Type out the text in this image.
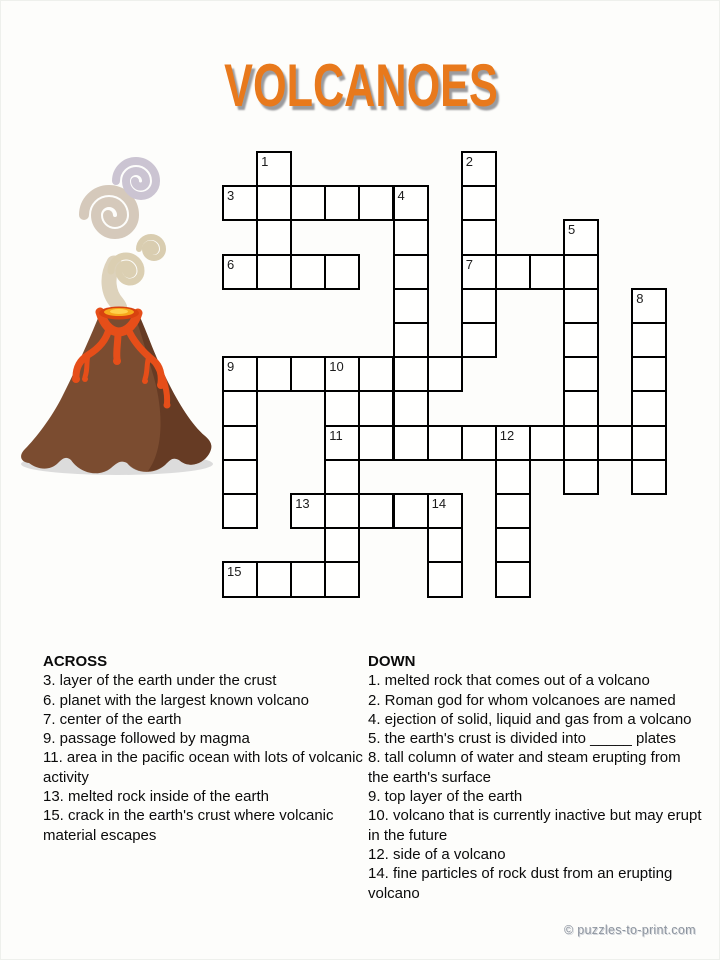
VOLCANOES
1	2
3	4
5
6	7
8
9	10
11	12
13	14
15
ACROSS
3. layer of the earth under the crust
6. planet with the largest known volcano
7. center of the earth
9. passage followed by magma
11. area in the pacific ocean with lots of volcanic activity
13. melted rock inside of the earth
15. crack in the earth's crust where volcanic material escapes
DOWN
1. melted rock that comes out of a volcano
2. Roman god for whom volcanoes are named
4. ejection of solid, liquid and gas from a volcano
5. the earth's crust is divided into _____ plates
8. tall column of water and steam erupting from the earth's surface
9. top layer of the earth
10. volcano that is currently inactive but may erupt in the future
12. side of a volcano
14. fine particles of rock dust from an erupting volcano
© puzzles-to-print.com
